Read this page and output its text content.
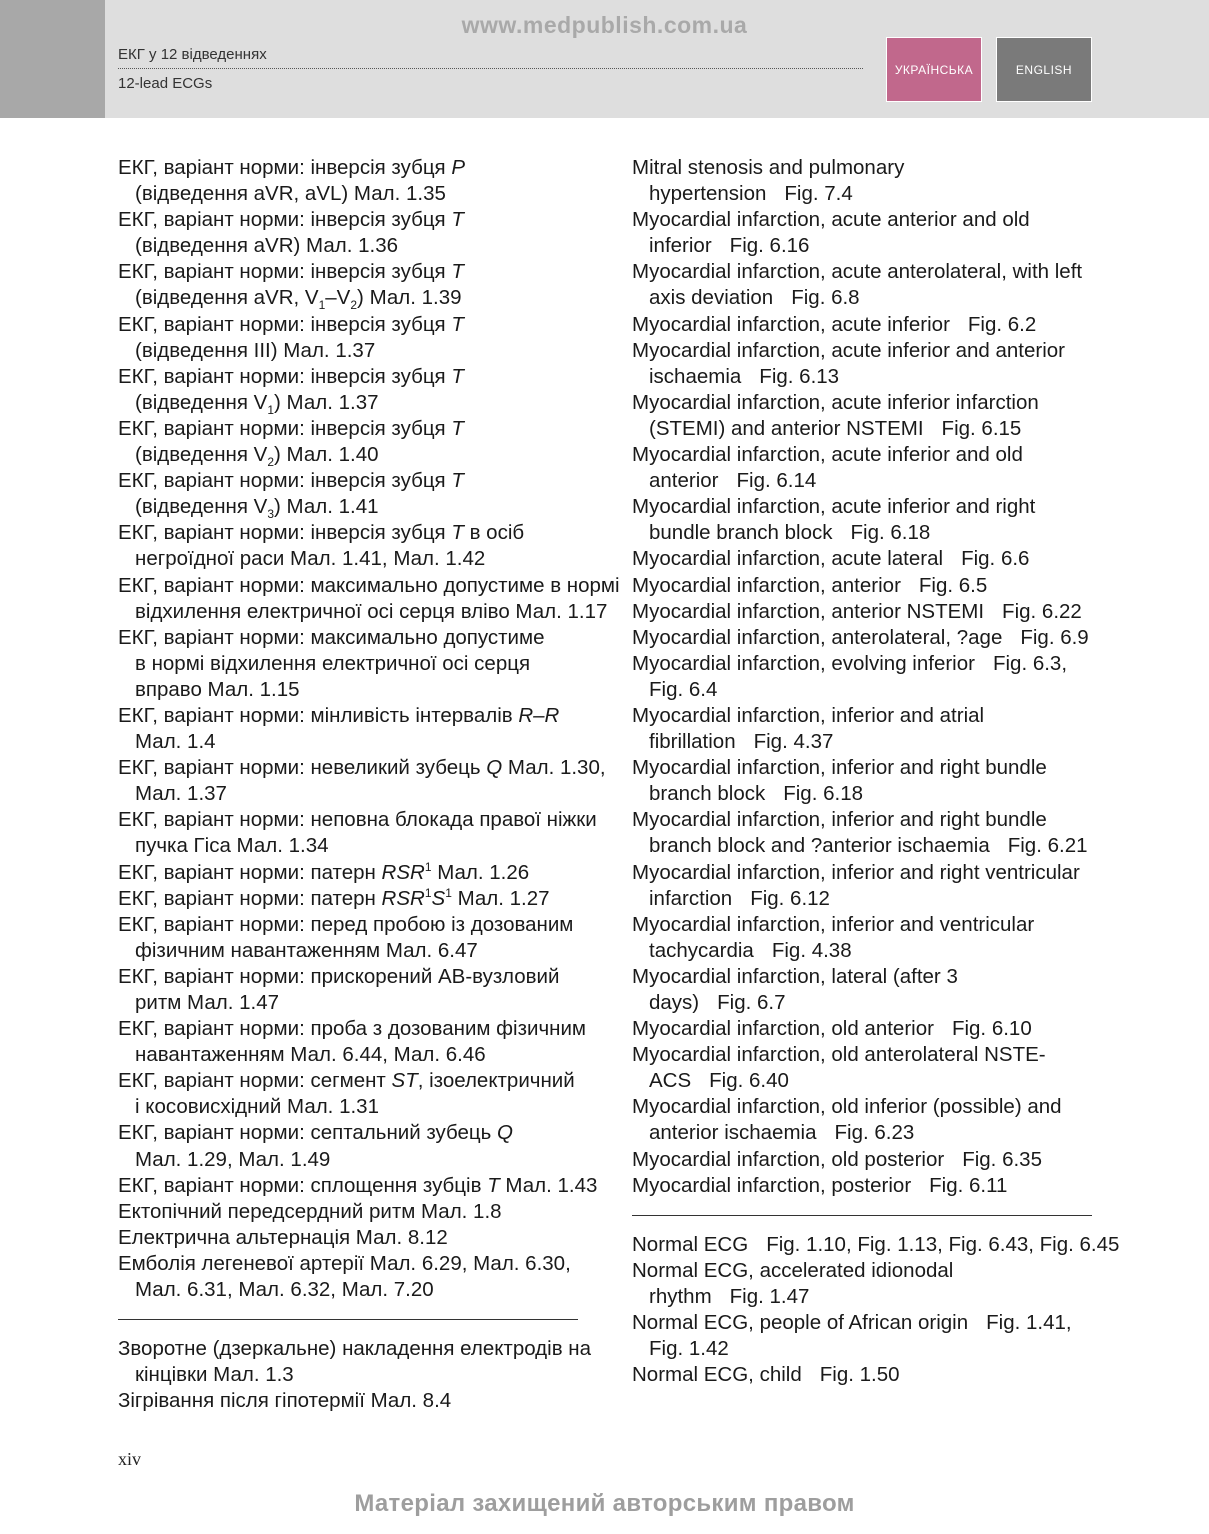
www.medpublish.com.ua
ЕКГ у 12 відведеннях
12-lead ECGs
УКРАЇНСЬКА	ENGLISH
ЕКГ, варіант норми: інверсія зубця P
(відведення aVR, aVL) Мал. 1.35
ЕКГ, варіант норми: інверсія зубця T
(відведення aVR) Мал. 1.36
ЕКГ, варіант норми: інверсія зубця T
(відведення aVR, $V_1-V_2$) Мал. 1.39
ЕКГ, варіант норми: інверсія зубця T
(відведення III) Мал. 1.37
ЕКГ, варіант норми: інверсія зубця T
(відведення $V_1$) Мал. 1.37
ЕКГ, варіант норми: інверсія зубця T
(відведення $V_2$) Мал. 1.40
ЕКГ, варіант норми: інверсія зубця T
(відведення $V_3$) Мал. 1.41
ЕКГ, варіант норми: інверсія зубця T в осіб
негроїдної раси Мал. 1.41, Мал. 1.42
ЕКГ, варіант норми: максимально допустиме в нормі
відхилення електричної осі серця вліво Мал. 1.17
ЕКГ, варіант норми: максимально допустиме
в нормі відхилення електричної осі серця
вправо Мал. 1.15
ЕКГ, варіант норми: мінливість інтервалів R–R
Мал. 1.4
ЕКГ, варіант норми: невеликий зубець Q Мал. 1.30,
Мал. 1.37
ЕКГ, варіант норми: неповна блокада правої ніжки
пучка Гіса Мал. 1.34
ЕКГ, варіант норми: патерн RSR$^1$ Мал. 1.26
ЕКГ, варіант норми: патерн $RSR^1S^1$ Мал. 1.27
ЕКГ, варіант норми: перед пробою із дозованим
фізичним навантаженням Мал. 6.47
ЕКГ, варіант норми: прискорений АВ-вузловий
ритм Мал. 1.47
ЕКГ, варіант норми: проба з дозованим фізичним
навантаженням Мал. 6.44, Мал. 6.46
ЕКГ, варіант норми: сегмент ST, ізоелектричний
і косовисхідний Мал. 1.31
ЕКГ, варіант норми: септальний зубець Q
Мал. 1.29, Мал. 1.49
ЕКГ, варіант норми: сплощення зубців T Мал. 1.43
Ектопічний передсердний ритм Мал. 1.8
Електрична альтернація Мал. 8.12
Емболія легеневої артерії Мал. 6.29, Мал. 6.30,
Мал. 6.31, Мал. 6.32, Мал. 7.20
Зворотне (дзеркальне) накладення електродів на
кінцівки Мал. 1.3
Зігрівання після гіпотермії Мал. 8.4
Mitral stenosis and pulmonary
hypertension Fig. 7.4
Myocardial infarction, acute anterior and old
inferior Fig. 6.16
Myocardial infarction, acute anterolateral, with left
axis deviation Fig. 6.8
Myocardial infarction, acute inferior Fig. 6.2
Myocardial infarction, acute inferior and anterior
ischaemia Fig. 6.13
Myocardial infarction, acute inferior infarction
(STEMI) and anterior NSTEMI Fig. 6.15
Myocardial infarction, acute inferior and old
anterior Fig. 6.14
Myocardial infarction, acute inferior and right
bundle branch block Fig. 6.18
Myocardial infarction, acute lateral Fig. 6.6
Myocardial infarction, anterior Fig. 6.5
Myocardial infarction, anterior NSTEMI Fig. 6.22
Myocardial infarction, anterolateral, ?age Fig. 6.9
Myocardial infarction, evolving inferior Fig. 6.3,
Fig. 6.4
Myocardial infarction, inferior and atrial
fibrillation Fig. 4.37
Myocardial infarction, inferior and right bundle
branch block Fig. 6.18
Myocardial infarction, inferior and right bundle
branch block and ?anterior ischaemia Fig. 6.21
Myocardial infarction, inferior and right ventricular
infarction Fig. 6.12
Myocardial infarction, inferior and ventricular
tachycardia Fig. 4.38
Myocardial infarction, lateral (after 3
days) Fig. 6.7
Myocardial infarction, old anterior Fig. 6.10
Myocardial infarction, old anterolateral NSTE-
ACS Fig. 6.40
Myocardial infarction, old inferior (possible) and
anterior ischaemia Fig. 6.23
Myocardial infarction, old posterior Fig. 6.35
Myocardial infarction, posterior Fig. 6.11
Normal ECG Fig. 1.10, Fig. 1.13, Fig. 6.43, Fig. 6.45
Normal ECG, accelerated idionodal
rhythm Fig. 1.47
Normal ECG, people of African origin Fig. 1.41,
Fig. 1.42
Normal ECG, child Fig. 1.50
xiv
Матеріал захищений авторським правом
